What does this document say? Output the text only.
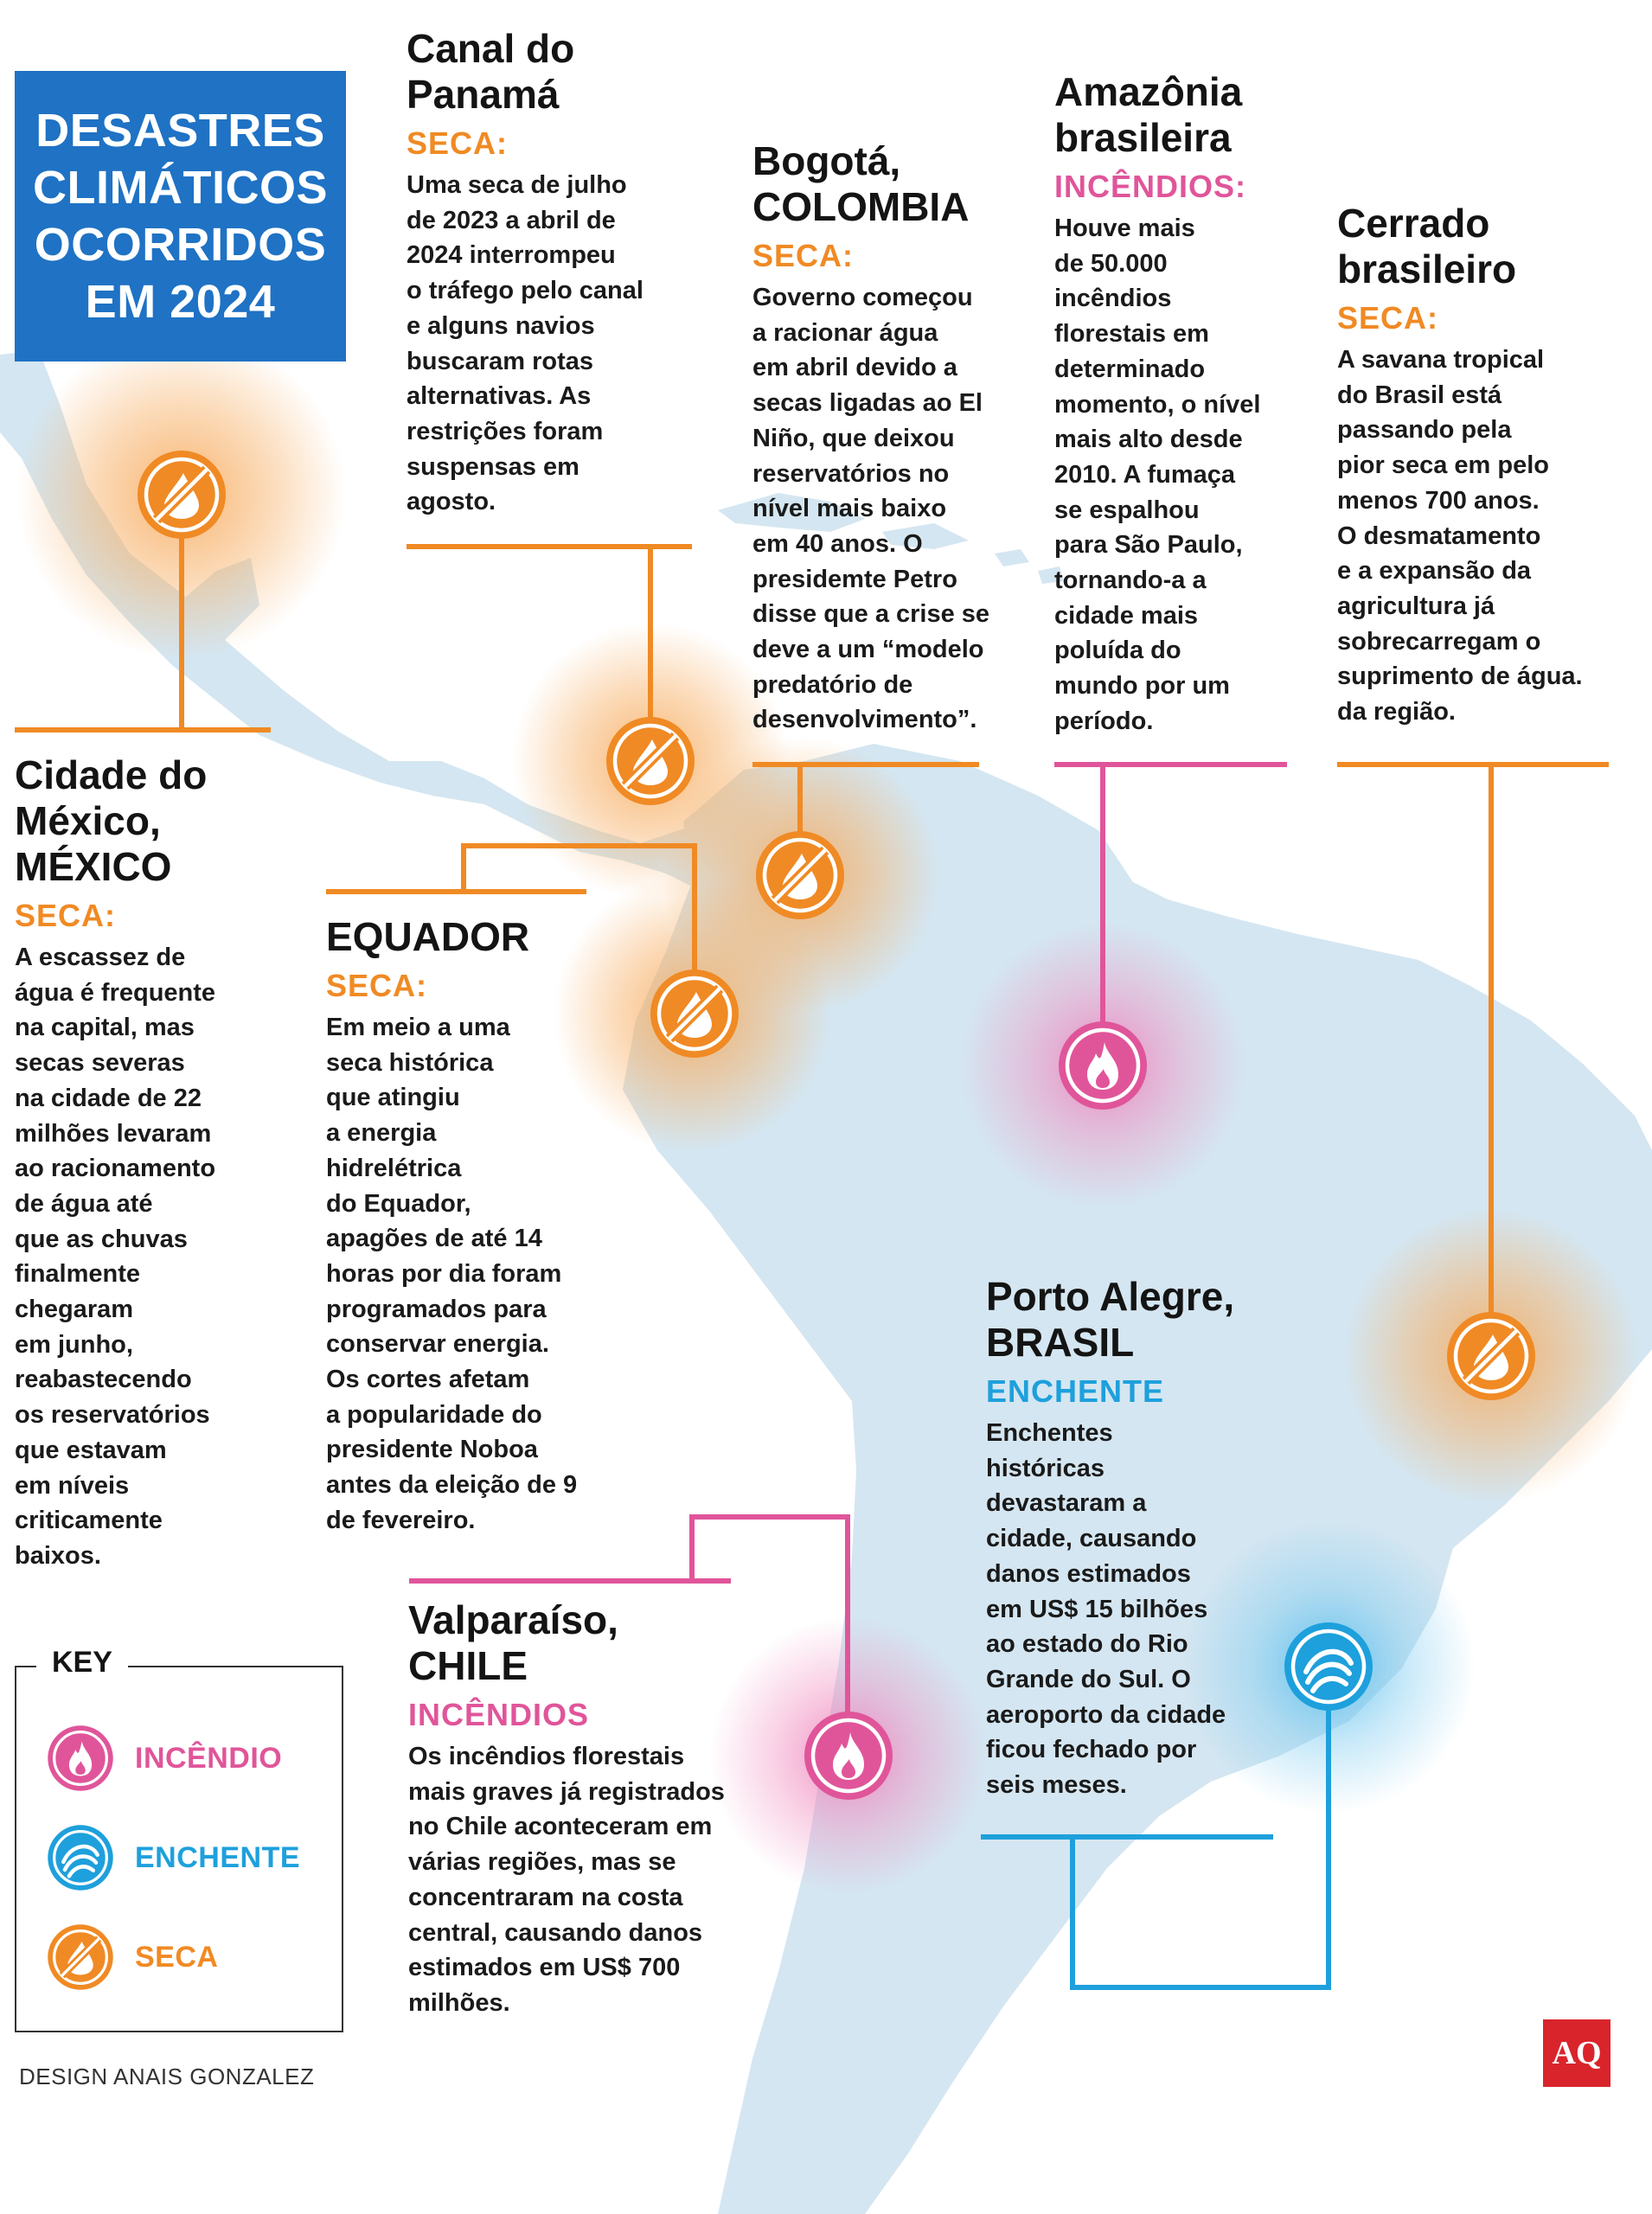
DESASTRES
CLIMÁTICOS
OCORRIDOS
EM 2024
Canal do
Panamá
SECA:
Uma seca de julho
de 2023 a abril de
2024 interrompeu
o tráfego pelo canal
e alguns navios
buscaram rotas
alternativas. As
restrições foram
suspensas em
agosto.
Bogotá,
COLOMBIA
SECA:
Governo começou
a racionar água
em abril devido a
secas ligadas ao El
Niño, que deixou
reservatórios no
nível mais baixo
em 40 anos. O
presidemte Petro
disse que a crise se
deve a um “modelo
predatório de
desenvolvimento”.
Amazônia
brasileira
INCÊNDIOS:
Houve mais
de 50.000
incêndios
florestais em
determinado
momento, o nível
mais alto desde
2010. A fumaça
se espalhou
para São Paulo,
tornando-a a
cidade mais
poluída do
mundo por um
período.
Cerrado
brasileiro
SECA:
A savana tropical
do Brasil está
passando pela
pior seca em pelo
menos 700 anos.
O desmatamento
e a expansão da
agricultura já
sobrecarregam o
suprimento de água.
da região.
Cidade do
México,
MÉXICO
SECA:
A escassez de
água é frequente
na capital, mas
secas severas
na cidade de 22
milhões levaram
ao racionamento
de água até
que as chuvas
finalmente
chegaram
em junho,
reabastecendo
os reservatórios
que estavam
em níveis
criticamente
baixos.
EQUADOR
SECA:
Em meio a uma
seca histórica
que atingiu
a energia
hidrelétrica
do Equador,
apagões de até 14
horas por dia foram
programados para
conservar energia.
Os cortes afetam
a popularidade do
presidente Noboa
antes da eleição de 9
de fevereiro.
Porto Alegre,
BRASIL
ENCHENTE
Enchentes
históricas
devastaram a
cidade, causando
danos estimados
em US$ 15 bilhões
ao estado do Rio
Grande do Sul. O
aeroporto da cidade
ficou fechado por
seis meses.
Valparaíso,
CHILE
INCÊNDIOS
Os incêndios florestais
mais graves já registrados
no Chile aconteceram em
várias regiões, mas se
concentraram na costa
central, causando danos
estimados em US$ 700
milhões.
KEY
INCÊNDIO
ENCHENTE
SECA
DESIGN ANAIS GONZALEZ
AQ
